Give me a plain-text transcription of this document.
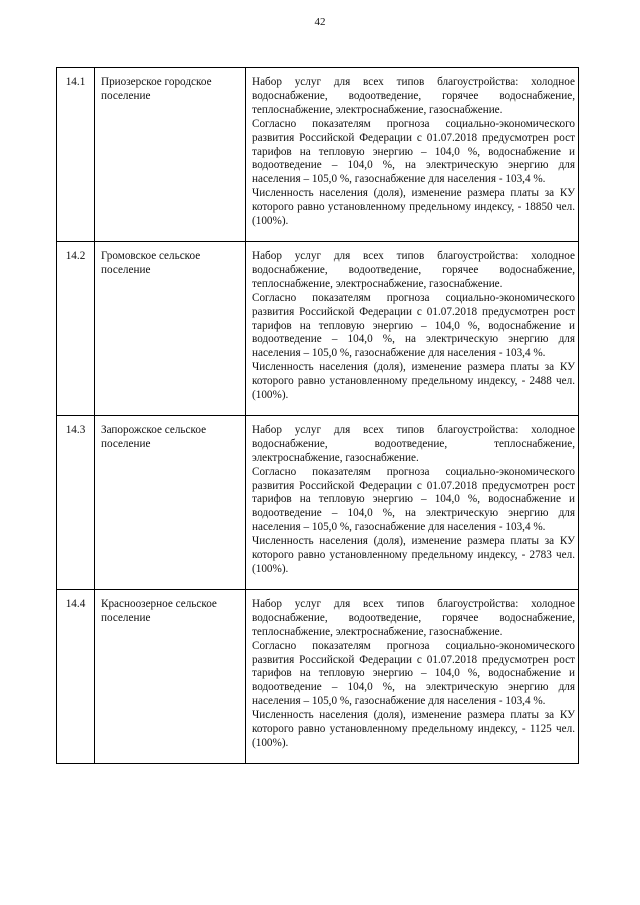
42
14.1	Приозерское городское поселение	Набор услуг для всех типов благоустройства: холодное водоснабжение, водоотведение, горячее водоснабжение, теплоснабжение, электроснабжение, газоснабжение.

Согласно показателям прогноза социально-экономического развития Российской Федерации с 01.07.2018 предусмотрен рост тарифов на тепловую энергию – 104,0 %, водоснабжение и водоотведение – 104,0 %, на электрическую энергию для населения – 105,0 %, газоснабжение для населения - 103,4 %.

Численность населения (доля), изменение размера платы за КУ которого равно установленному предельному индексу, - 18850 чел. (100%).

14.2	Громовское сельское поселение	Набор услуг для всех типов благоустройства: холодное водоснабжение, водоотведение, горячее водоснабжение, теплоснабжение, электроснабжение, газоснабжение.

Согласно показателям прогноза социально-экономического развития Российской Федерации с 01.07.2018 предусмотрен рост тарифов на тепловую энергию – 104,0 %, водоснабжение и водоотведение – 104,0 %, на электрическую энергию для населения – 105,0 %, газоснабжение для населения - 103,4 %.

Численность населения (доля), изменение размера платы за КУ которого равно установленному предельному индексу, - 2488 чел. (100%).

14.3	Запорожское сельское поселение	Набор услуг для всех типов благоустройства: холодное водоснабжение, водоотведение, теплоснабжение, электроснабжение, газоснабжение.

Согласно показателям прогноза социально-экономического развития Российской Федерации с 01.07.2018 предусмотрен рост тарифов на тепловую энергию – 104,0 %, водоснабжение и водоотведение – 104,0 %, на электрическую энергию для населения – 105,0 %, газоснабжение для населения - 103,4 %.

Численность населения (доля), изменение размера платы за КУ которого равно установленному предельному индексу, - 2783 чел. (100%).

14.4	Красноозерное сельское поселение	Набор услуг для всех типов благоустройства: холодное водоснабжение, водоотведение, горячее водоснабжение, теплоснабжение, электроснабжение, газоснабжение.

Согласно показателям прогноза социально-экономического развития Российской Федерации с 01.07.2018 предусмотрен рост тарифов на тепловую энергию – 104,0 %, водоснабжение и водоотведение – 104,0 %, на электрическую энергию для населения – 105,0 %, газоснабжение для населения - 103,4 %.

Численность населения (доля), изменение размера платы за КУ которого равно установленному предельному индексу, - 1125 чел. (100%).
